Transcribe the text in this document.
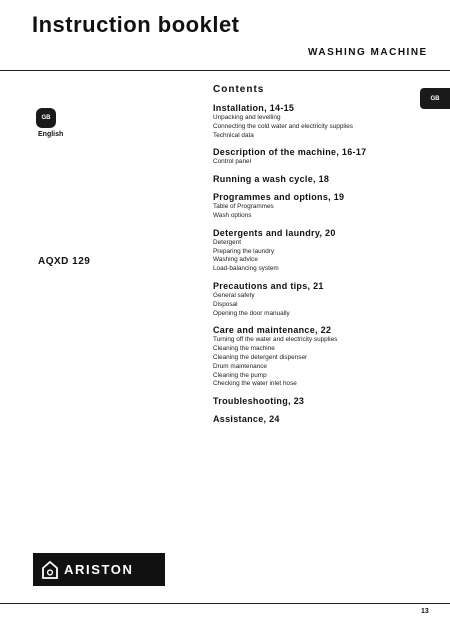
Instruction booklet
WASHING MACHINE
GB
English
GB
AQXD 129
Contents
Installation, 14-15
Unpacking and levelling
Connecting the cold water and electricity supplies
Technical data
Description of the machine, 16-17
Control panel
Running a wash cycle, 18
Programmes and options, 19
Table of Programmes
Wash options
Detergents and laundry, 20
Detergent
Preparing the laundry
Washing advice
Load-balancing system
Precautions and tips, 21
General safety
Disposal
Opening the door manually
Care and maintenance, 22
Turning off the water and electricity supplies
Cleaning the machine
Cleaning the detergent dispenser
Drum maintenance
Cleaning the pump
Checking the water inlet hose
Troubleshooting, 23
Assistance, 24
ARISTON
13
